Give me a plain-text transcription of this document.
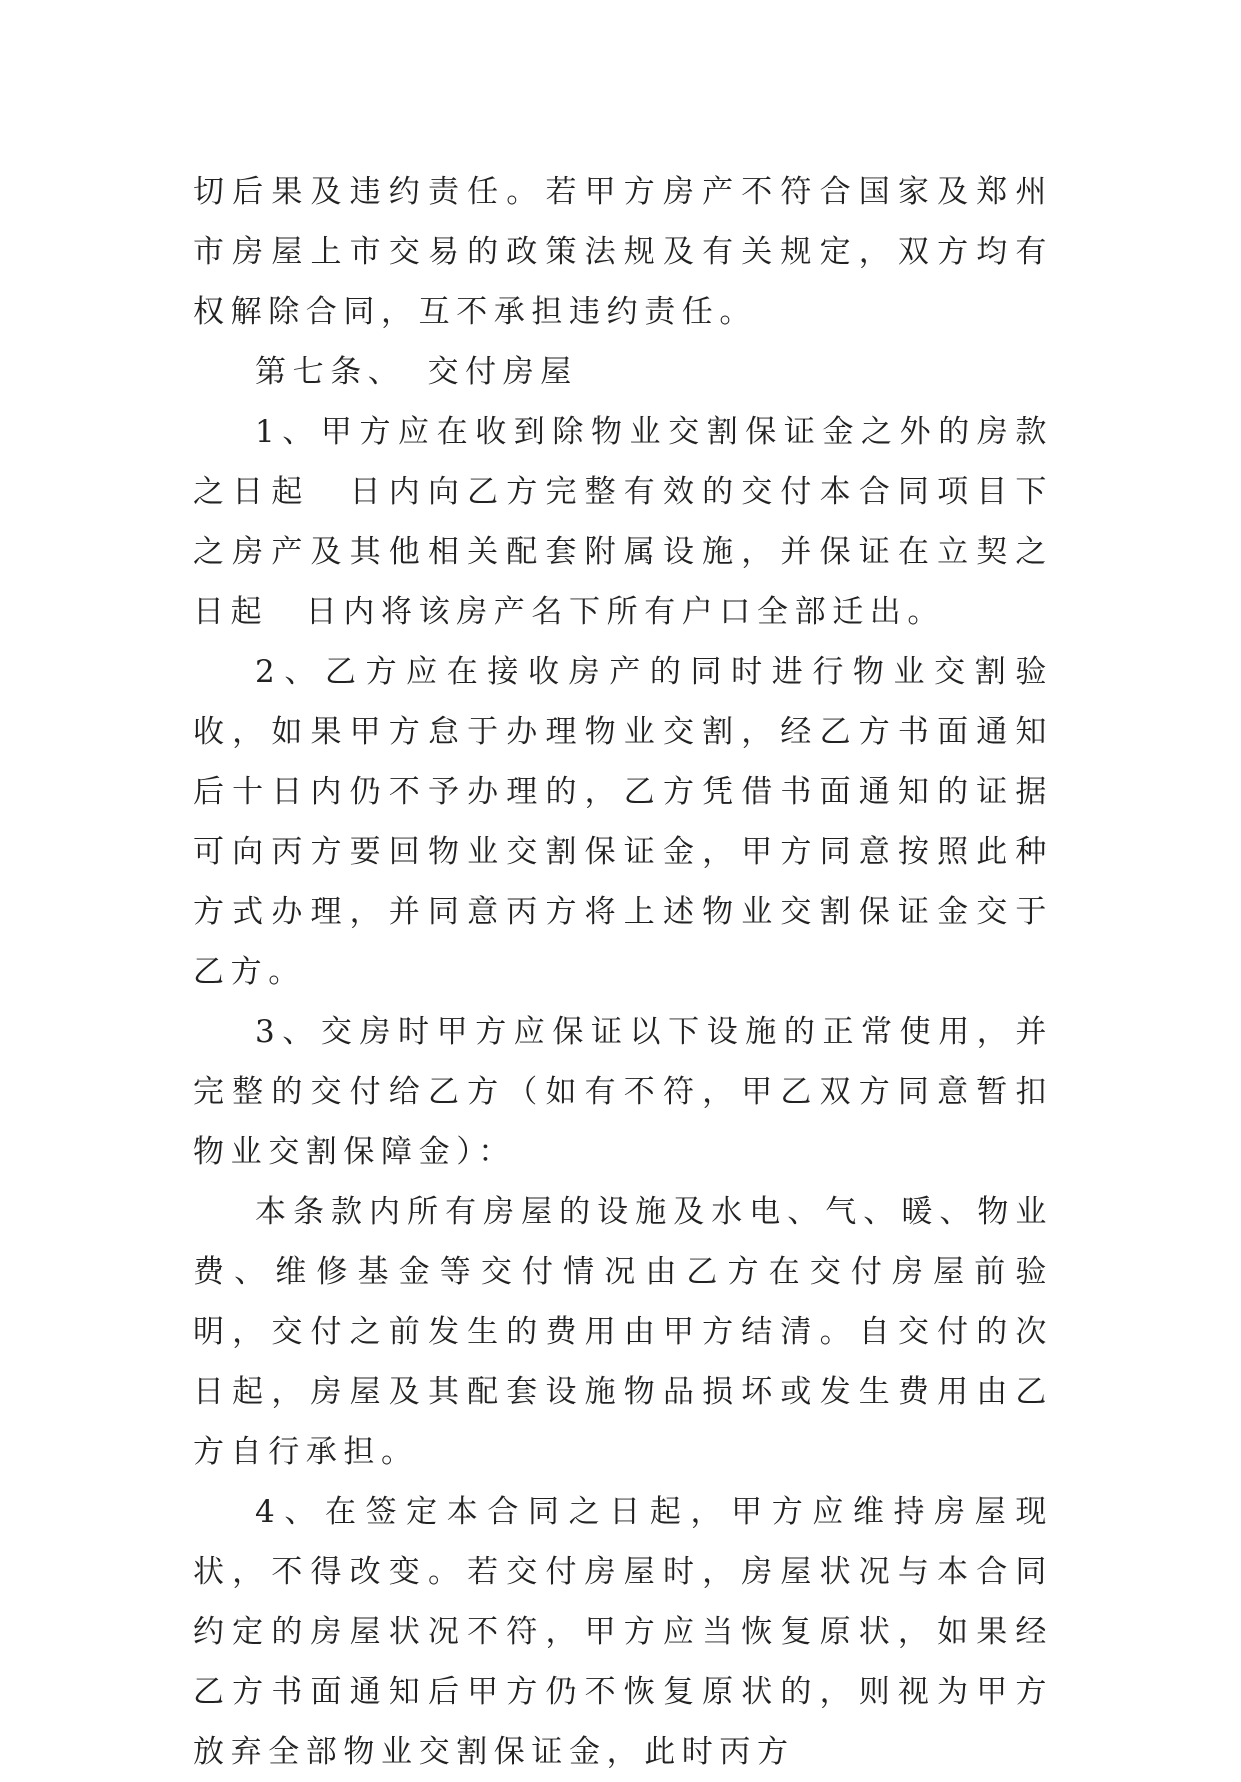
切后果及违约责任。若甲方房产不符合国家及郑州市房屋上市交易的政策法规及有关规定，双方均有权解除合同，互不承担违约责任。

第七条、　交付房屋

1、甲方应在收到除物业交割保证金之外的房款之日起　日内向乙方完整有效的交付本合同项目下之房产及其他相关配套附属设施，并保证在立契之日起　日内将该房产名下所有户口全部迁出。

2、乙方应在接收房产的同时进行物业交割验收，如果甲方怠于办理物业交割，经乙方书面通知后十日内仍不予办理的，乙方凭借书面通知的证据可向丙方要回物业交割保证金，甲方同意按照此种方式办理，并同意丙方将上述物业交割保证金交于乙方。

3、交房时甲方应保证以下设施的正常使用，并完整的交付给乙方（如有不符，甲乙双方同意暂扣　物业交割保障金）：

本条款内所有房屋的设施及水电、气、暖、物业费、维修基金等交付情况由乙方在交付房屋前验明，交付之前发生的费用由甲方结清。自交付的次日起，房屋及其配套设施物品损坏或发生费用由乙方自行承担。

4、在签定本合同之日起，甲方应维持房屋现状，不得改变。若交付房屋时，房屋状况与本合同约定的房屋状况不符，甲方应当恢复原状，如果经乙方书面通知后甲方仍不恢复原状的，则视为甲方放弃全部物业交割保证金，此时丙方
